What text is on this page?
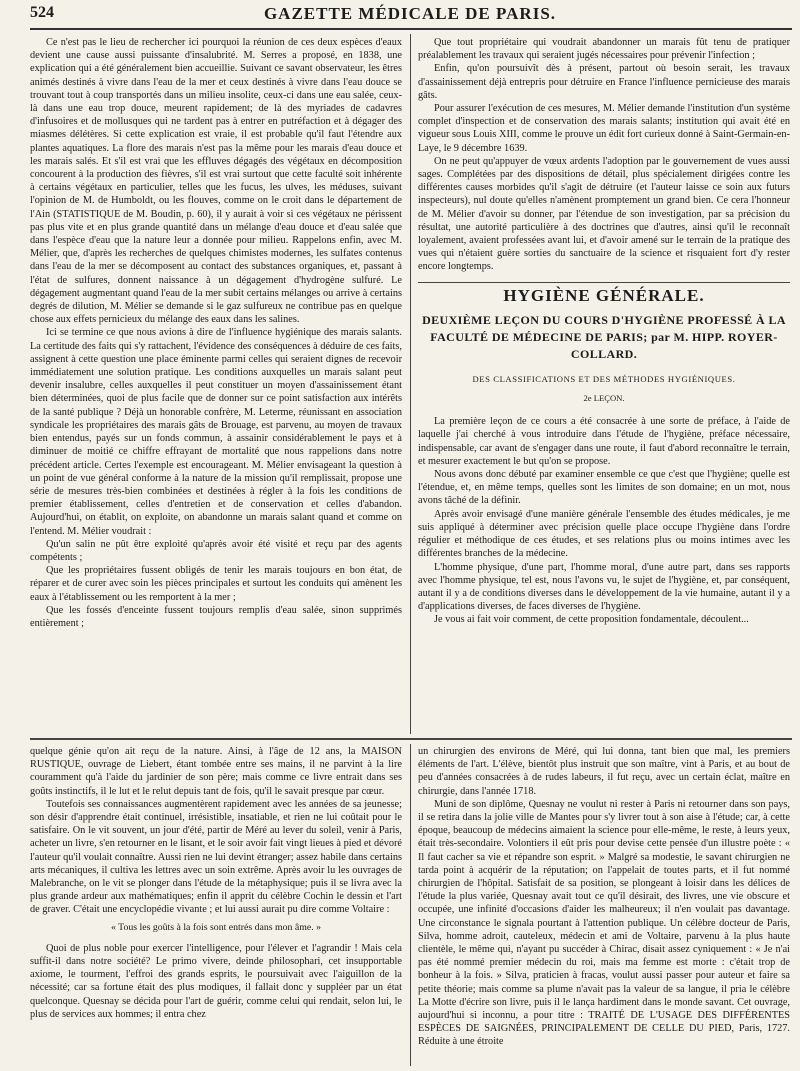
524	GAZETTE MÉDICALE DE PARIS.

Ce n'est pas le lieu de rechercher ici pourquoi la réunion de ces deux espèces d'eaux devient une cause aussi puissante d'insalubrité. M. Serres a proposé, en 1838, une explication qui a été généralement bien accueillie. Suivant ce savant observateur, les êtres animés destinés à vivre dans l'eau de la mer et ceux destinés à vivre dans l'eau douce se trouvant tout à coup transportés dans un milieu insolite, ceux-ci dans une eau salée, ceux-là dans une eau trop douce, meurent rapidement; de là des myriades de cadavres d'infusoires et de mollusques qui ne tardent pas à entrer en putréfaction et à dégager des miasmes délétères. Si cette explication est vraie, il est probable qu'il faut l'étendre aux plantes aquatiques. La flore des marais n'est pas la même pour les marais d'eau douce et les marais salés. Et s'il est vrai que les effluves dégagés des végétaux en décomposition concourent à la production des fièvres, s'il est vrai surtout que cette faculté soit inhérente à certains végétaux en particulier, telles que les fucus, les ulves, les méduses, suivant l'opinion de M. de Humboldt, ou les flouves, comme on le croit dans le département de l'Ain (STATISTIQUE de M. Boudin, p. 60), il y aurait à voir si ces végétaux ne périssent pas plus vite et en plus grande quantité dans un mélange d'eau douce et d'eau salée que dans l'espèce d'eau que la nature leur a donnée pour milieu. Rappelons enfin, avec M. Mélier, que, d'après les recherches de quelques chimistes modernes, les sulfates contenus dans l'eau de la mer se décomposent au contact des substances organiques, et, passant à l'état de sulfures, donnent naissance à un dégagement d'hydrogène sulfuré. Le dégagement augmentant quand l'eau de la mer subit certains mélanges ou arrive à certains degrés de dilution, M. Mélier se demande si le gaz sulfureux ne contribue pas en quelque chose aux effets pernicieux du mélange des eaux dans les salines.

Ici se termine ce que nous avions à dire de l'influence hygiénique des marais salants. La certitude des faits qui s'y rattachent, l'évidence des conséquences à déduire de ces faits, assignent à cette question une place éminente parmi celles qui seraient dignes de recevoir immédiatement une solution pratique. Les conditions auxquelles un marais salant peut devenir insalubre, celles auxquelles il peut constituer un moyen d'assainissement étant bien déterminées, quoi de plus facile que de donner sur ce point satisfaction aux intérêts de la santé publique ? Déjà un honorable confrère, M. Leterme, réunissant en association syndicale les propriétaires des marais gâts de Brouage, est parvenu, au moyen de travaux bien entendus, payés sur un fonds commun, à assainir considérablement le pays et à diminuer de moitié ce chiffre effrayant de mortalité que nous rappelions dans notre précédent article. Certes l'exemple est encourageant. M. Mélier envisageant la question à un point de vue général conforme à la nature de la mission qu'il remplissait, propose une série de mesures très-bien combinées et destinées à régler à la fois les conditions de premier établissement, celles d'entretien et de conservation et celles d'abandon. Aujourd'hui, on établit, on exploite, on abandonne un marais salant quand et comme on l'entend. M. Mélier voudrait :

Qu'un salin ne pût être exploité qu'après avoir été visité et reçu par des agents compétents ;

Que les propriétaires fussent obligés de tenir les marais toujours en bon état, de réparer et de curer avec soin les pièces principales et surtout les conduits qui amènent les eaux à l'établissement ou les remportent à la mer ;

Que les fossés d'enceinte fussent toujours remplis d'eau salée, sinon supprimés entièrement ;

Que tout propriétaire qui voudrait abandonner un marais fût tenu de pratiquer préalablement les travaux qui seraient jugés nécessaires pour prévenir l'infection ;

Enfin, qu'on poursuivît dès à présent, partout où besoin serait, les travaux d'assainissement déjà entrepris pour détruire en France l'influence pernicieuse des marais gâts.

Pour assurer l'exécution de ces mesures, M. Mélier demande l'institution d'un système complet d'inspection et de conservation des marais salants; institution qui avait été en vigueur sous Louis XIII, comme le prouve un édit fort curieux donné à Saint-Germain-en-Laye, le 9 décembre 1639.

On ne peut qu'appuyer de vœux ardents l'adoption par le gouvernement de vues aussi sages. Complétées par des dispositions de détail, plus spécialement dirigées contre les différentes causes morbides qu'il s'agit de détruire (et l'auteur laisse ce soin aux futurs inspecteurs), nul doute qu'elles n'amènent promptement un grand bien. Ce cera l'honneur de M. Mélier d'avoir su donner, par l'étendue de son investigation, par sa précision du résultat, une autorité particulière à des doctrines que d'autres, ainsi qu'il le reconnaît loyalement, avaient professées avant lui, et d'avoir amené sur le terrain de la pratique des vues qui n'étaient guère sorties du sanctuaire de la science et risquaient fort d'y rester encore longtemps.

HYGIÈNE GÉNÉRALE.
DEUXIÈME LEÇON DU COURS D'HYGIÈNE PROFESSÉ À LA FACULTÉ DE MÉDECINE DE PARIS; par M. HIPP. ROYER-COLLARD.
DES CLASSIFICATIONS ET DES MÉTHODES HYGIÉNIQUES.
2e LEÇON.

La première leçon de ce cours a été consacrée à une sorte de préface, à l'aide de laquelle j'ai cherché à vous introduire dans l'étude de l'hygiène, préface nécessaire, indispensable, car avant de s'engager dans une route, il faut d'abord reconnaître le terrain, et mesurer exactement le but qu'on se propose.

Nous avons donc débuté par examiner ensemble ce que c'est que l'hygiène; quelle est l'étendue, et, en même temps, quelles sont les limites de son domaine; en un mot, nous avons tâché de la définir.

Après avoir envisagé d'une manière générale l'ensemble des études médicales, je me suis appliqué à déterminer avec précision quelle place occupe l'hygiène dans l'ordre régulier et méthodique de ces études, et ses relations plus ou moins intimes avec les différentes branches de la médecine.

L'homme physique, d'une part, l'homme moral, d'une autre part, dans ses rapports avec l'homme physique, tel est, nous l'avons vu, le sujet de l'hygiène, et, par conséquent, autant il y a de conditions diverses dans le développement de la vie humaine, autant il y a d'applications diverses, de faces diverses de l'hygiène.

Je vous ai fait voir comment, de cette proposition fondamentale, découlent...

quelque génie qu'on ait reçu de la nature. Ainsi, à l'âge de 12 ans, la MAISON RUSTIQUE, ouvrage de Liebert, étant tombée entre ses mains, il ne parvint à la lire couramment qu'à l'aide du jardinier de son père; mais comme ce livre entrait dans ses goûts instinctifs, il le lut et le relut depuis tant de fois, qu'il le savait presque par cœur.

Toutefois ses connaissances augmentèrent rapidement avec les années de sa jeunesse; son désir d'apprendre était continuel, irrésistible, insatiable, et rien ne lui coûtait pour le satisfaire. On le vit souvent, un jour d'été, partir de Méré au lever du soleil, venir à Paris, acheter un livre, s'en retourner en le lisant, et le soir avoir fait vingt lieues à pied et dévoré l'auteur qu'il voulait connaître. Aussi rien ne lui devint étranger; assez habile dans certains arts mécaniques, il cultiva les lettres avec un soin extrême. Après avoir lu les ouvrages de Malebranche, on le vit se plonger dans l'étude de la métaphysique; puis il se livra avec la plus grande ardeur aux mathématiques; enfin il apprit du célèbre Cochin le dessin et l'art de graver. C'était une encyclopédie vivante ; et lui aussi aurait pu dire comme Voltaire :

« Tous les goûts à la fois sont entrés dans mon âme. »

Quoi de plus noble pour exercer l'intelligence, pour l'élever et l'agrandir ! Mais cela suffit-il dans notre société? Le primo vivere, deinde philosophari, cet insupportable axiome, le tourment, l'effroi des grands esprits, le poursuivait avec l'aiguillon de la nécessité; car sa fortune était des plus modiques, il fallait donc y suppléer par un état quelconque. Quesnay se décida pour l'art de guérir, comme celui qui rendait, selon lui, le plus de services aux hommes; il entra chez

un chirurgien des environs de Méré, qui lui donna, tant bien que mal, les premiers éléments de l'art. L'élève, bientôt plus instruit que son maître, vint à Paris, et au bout de peu d'années consacrées à de rudes labeurs, il fut reçu, avec un certain éclat, maître en chirurgie, dans l'année 1718.

Muni de son diplôme, Quesnay ne voulut ni rester à Paris ni retourner dans son pays, il se retira dans la jolie ville de Mantes pour s'y livrer tout à son aise à l'étude; car, à cette époque, beaucoup de médecins aimaient la science pour elle-même, le reste, à leurs yeux, était très-secondaire. Volontiers il eût pris pour devise cette pensée d'un illustre poète : « Il faut cacher sa vie et répandre son esprit. » Malgré sa modestie, le savant chirurgien ne tarda point à acquérir de la réputation; on l'appelait de toutes parts, et il fut nommé chirurgien de l'hôpital. Satisfait de sa position, se plongeant à loisir dans les délices de l'étude la plus variée, Quesnay avait tout ce qu'il désirait, des livres, une vie obscure et occupée, une infinité d'occasions d'aider les malheureux; il n'en voulait pas davantage. Une circonstance le signala pourtant à l'attention publique. Un célèbre docteur de Paris, Silva, homme adroit, cauteleux, médecin et ami de Voltaire, parvenu à la plus haute clientèle, le même qui, n'ayant pu succéder à Chirac, disait assez cyniquement : « Je n'ai pas été nommé premier médecin du roi, mais ma femme est morte : c'était trop de bonheur à la fois. » Silva, praticien à fracas, voulut aussi passer pour auteur et faire sa petite théorie; mais comme sa plume n'avait pas la valeur de sa langue, il pria le célèbre La Motte d'écrire son livre, puis il le lança hardiment dans le monde savant. Cet ouvrage, aujourd'hui si inconnu, a pour titre : TRAITÉ DE L'USAGE DES DIFFÉRENTES ESPÈCES DE SAIGNÉES, PRINCIPALEMENT DE CELLE DU PIED, Paris, 1727. Réduite à une étroite
